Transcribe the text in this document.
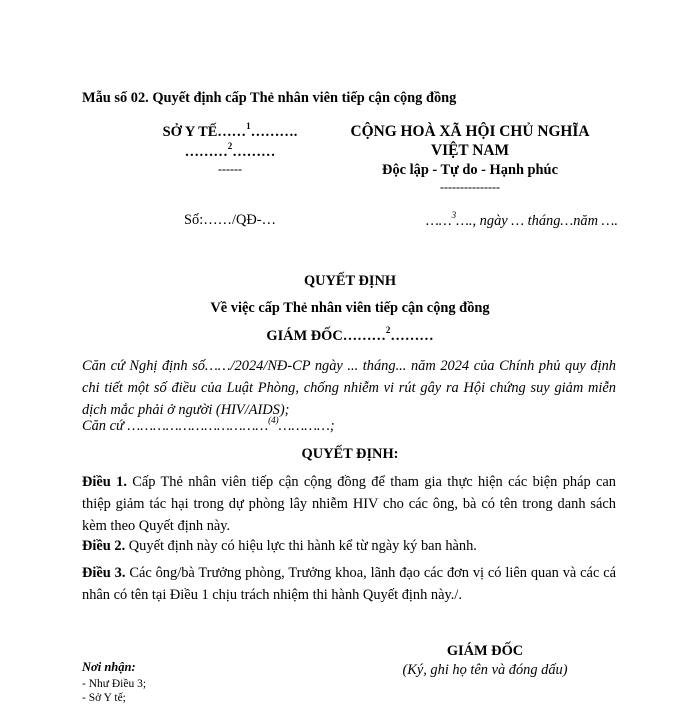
Mẫu số 02. Quyết định cấp Thẻ nhân viên tiếp cận cộng đồng
SỞ Y TẾ……$^1$……….
………$^2$………
------
Số:……/QĐ-…
CỘNG HOÀ XÃ HỘI CHỦ NGHĨA
VIỆT NAM
Độc lập - Tự do - Hạnh phúc
---------------
……$^3$…., ngày … tháng…năm ….
QUYẾT ĐỊNH
Về việc cấp Thẻ nhân viên tiếp cận cộng đồng
GIÁM ĐỐC………$^2$………
Căn cứ Nghị định số……/2024/NĐ-CP ngày ... tháng... năm 2024 của Chính phủ quy định chi tiết một số điều của Luật Phòng, chống nhiễm vi rút gây ra Hội chứng suy giảm miễn dịch mắc phải ở người (HIV/AIDS);
Căn cứ ……………………………$^{(4)}$…………;
QUYẾT ĐỊNH:
Điều 1. Cấp Thẻ nhân viên tiếp cận cộng đồng để tham gia thực hiện các biện pháp can thiệp giảm tác hại trong dự phòng lây nhiễm HIV cho các ông, bà có tên trong danh sách kèm theo Quyết định này.
Điều 2. Quyết định này có hiệu lực thi hành kể từ ngày ký ban hành.
Điều 3. Các ông/bà Trưởng phòng, Trưởng khoa, lãnh đạo các đơn vị có liên quan và các cá nhân có tên tại Điều 1 chịu trách nhiệm thi hành Quyết định này./.
GIÁM ĐỐC
(Ký, ghi họ tên và đóng dấu)
Nơi nhận:
- Như Điều 3;
- Sở Y tế;
